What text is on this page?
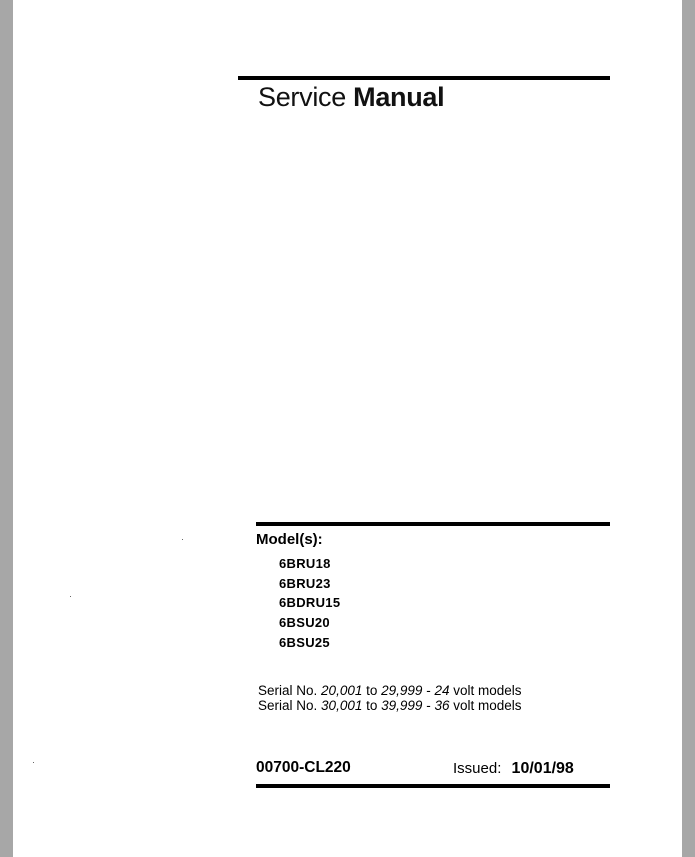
Service Manual
Model(s):
6BRU18
6BRU23
6BDRU15
6BSU20
6BSU25
Serial No. 20,001 to 29,999 - 24 volt models
Serial No. 30,001 to 39,999 - 36 volt models
00700-CL220	Issued: 10/01/98
